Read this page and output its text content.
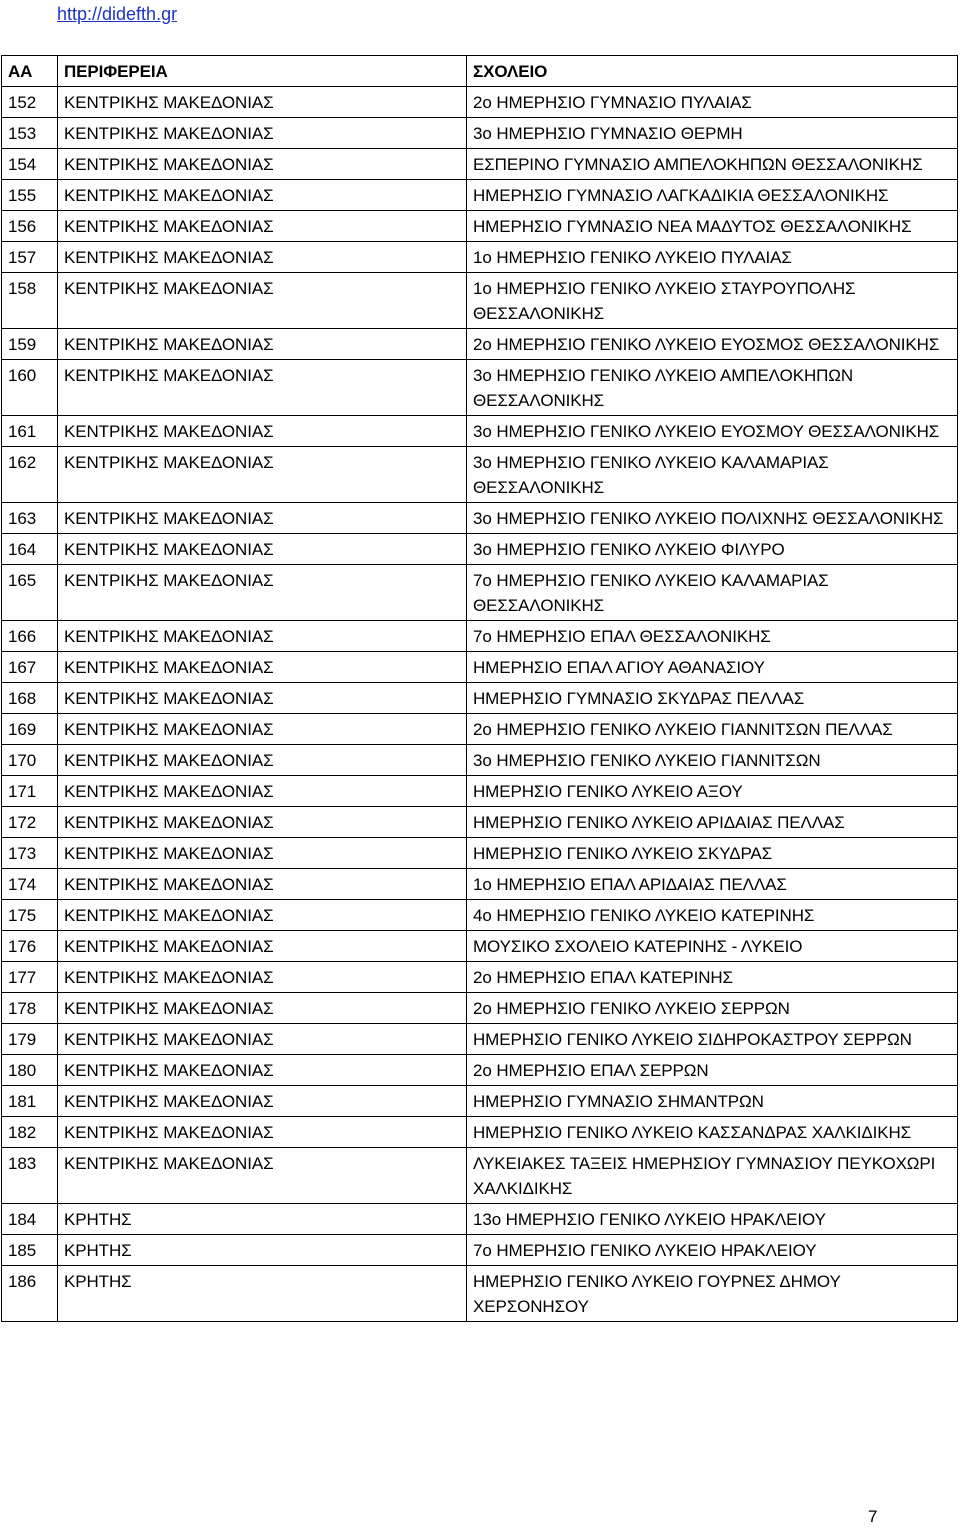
http://didefth.gr
ΑΑ	ΠΕΡΙΦΕΡΕΙΑ	ΣΧΟΛΕΙΟ
152	ΚΕΝΤΡΙΚΗΣ ΜΑΚΕΔΟΝΙΑΣ	2ο ΗΜΕΡΗΣΙΟ ΓΥΜΝΑΣΙΟ ΠΥΛΑΙΑΣ
153	ΚΕΝΤΡΙΚΗΣ ΜΑΚΕΔΟΝΙΑΣ	3ο ΗΜΕΡΗΣΙΟ ΓΥΜΝΑΣΙΟ ΘΕΡΜΗ
154	ΚΕΝΤΡΙΚΗΣ ΜΑΚΕΔΟΝΙΑΣ	ΕΣΠΕΡΙΝΟ ΓΥΜΝΑΣΙΟ ΑΜΠΕΛΟΚΗΠΩΝ ΘΕΣΣΑΛΟΝΙΚΗΣ
155	ΚΕΝΤΡΙΚΗΣ ΜΑΚΕΔΟΝΙΑΣ	ΗΜΕΡΗΣΙΟ ΓΥΜΝΑΣΙΟ ΛΑΓΚΑΔΙΚΙΑ ΘΕΣΣΑΛΟΝΙΚΗΣ
156	ΚΕΝΤΡΙΚΗΣ ΜΑΚΕΔΟΝΙΑΣ	ΗΜΕΡΗΣΙΟ ΓΥΜΝΑΣΙΟ ΝΕΑ ΜΑΔΥΤΟΣ ΘΕΣΣΑΛΟΝΙΚΗΣ
157	ΚΕΝΤΡΙΚΗΣ ΜΑΚΕΔΟΝΙΑΣ	1ο ΗΜΕΡΗΣΙΟ ΓΕΝΙΚΟ ΛΥΚΕΙΟ ΠΥΛΑΙΑΣ
158	ΚΕΝΤΡΙΚΗΣ ΜΑΚΕΔΟΝΙΑΣ	1ο ΗΜΕΡΗΣΙΟ ΓΕΝΙΚΟ ΛΥΚΕΙΟ ΣΤΑΥΡΟΥΠΟΛΗΣ ΘΕΣΣΑΛΟΝΙΚΗΣ
159	ΚΕΝΤΡΙΚΗΣ ΜΑΚΕΔΟΝΙΑΣ	2ο ΗΜΕΡΗΣΙΟ ΓΕΝΙΚΟ ΛΥΚΕΙΟ ΕΥΟΣΜΟΣ ΘΕΣΣΑΛΟΝΙΚΗΣ
160	ΚΕΝΤΡΙΚΗΣ ΜΑΚΕΔΟΝΙΑΣ	3ο ΗΜΕΡΗΣΙΟ ΓΕΝΙΚΟ ΛΥΚΕΙΟ ΑΜΠΕΛΟΚΗΠΩΝ ΘΕΣΣΑΛΟΝΙΚΗΣ
161	ΚΕΝΤΡΙΚΗΣ ΜΑΚΕΔΟΝΙΑΣ	3ο ΗΜΕΡΗΣΙΟ ΓΕΝΙΚΟ ΛΥΚΕΙΟ ΕΥΟΣΜΟΥ ΘΕΣΣΑΛΟΝΙΚΗΣ
162	ΚΕΝΤΡΙΚΗΣ ΜΑΚΕΔΟΝΙΑΣ	3ο ΗΜΕΡΗΣΙΟ ΓΕΝΙΚΟ ΛΥΚΕΙΟ ΚΑΛΑΜΑΡΙΑΣ ΘΕΣΣΑΛΟΝΙΚΗΣ
163	ΚΕΝΤΡΙΚΗΣ ΜΑΚΕΔΟΝΙΑΣ	3ο ΗΜΕΡΗΣΙΟ ΓΕΝΙΚΟ ΛΥΚΕΙΟ ΠΟΛΙΧΝΗΣ ΘΕΣΣΑΛΟΝΙΚΗΣ
164	ΚΕΝΤΡΙΚΗΣ ΜΑΚΕΔΟΝΙΑΣ	3ο ΗΜΕΡΗΣΙΟ ΓΕΝΙΚΟ ΛΥΚΕΙΟ ΦΙΛΥΡΟ
165	ΚΕΝΤΡΙΚΗΣ ΜΑΚΕΔΟΝΙΑΣ	7ο ΗΜΕΡΗΣΙΟ ΓΕΝΙΚΟ ΛΥΚΕΙΟ ΚΑΛΑΜΑΡΙΑΣ ΘΕΣΣΑΛΟΝΙΚΗΣ
166	ΚΕΝΤΡΙΚΗΣ ΜΑΚΕΔΟΝΙΑΣ	7ο ΗΜΕΡΗΣΙΟ ΕΠΑΛ ΘΕΣΣΑΛΟΝΙΚΗΣ
167	ΚΕΝΤΡΙΚΗΣ ΜΑΚΕΔΟΝΙΑΣ	ΗΜΕΡΗΣΙΟ ΕΠΑΛ ΑΓΙΟΥ ΑΘΑΝΑΣΙΟΥ
168	ΚΕΝΤΡΙΚΗΣ ΜΑΚΕΔΟΝΙΑΣ	ΗΜΕΡΗΣΙΟ ΓΥΜΝΑΣΙΟ ΣΚΥΔΡΑΣ ΠΕΛΛΑΣ
169	ΚΕΝΤΡΙΚΗΣ ΜΑΚΕΔΟΝΙΑΣ	2ο ΗΜΕΡΗΣΙΟ ΓΕΝΙΚΟ ΛΥΚΕΙΟ ΓΙΑΝΝΙΤΣΩΝ ΠΕΛΛΑΣ
170	ΚΕΝΤΡΙΚΗΣ ΜΑΚΕΔΟΝΙΑΣ	3ο ΗΜΕΡΗΣΙΟ ΓΕΝΙΚΟ ΛΥΚΕΙΟ ΓΙΑΝΝΙΤΣΩΝ
171	ΚΕΝΤΡΙΚΗΣ ΜΑΚΕΔΟΝΙΑΣ	ΗΜΕΡΗΣΙΟ ΓΕΝΙΚΟ ΛΥΚΕΙΟ ΑΞΟΥ
172	ΚΕΝΤΡΙΚΗΣ ΜΑΚΕΔΟΝΙΑΣ	ΗΜΕΡΗΣΙΟ ΓΕΝΙΚΟ ΛΥΚΕΙΟ ΑΡΙΔΑΙΑΣ ΠΕΛΛΑΣ
173	ΚΕΝΤΡΙΚΗΣ ΜΑΚΕΔΟΝΙΑΣ	ΗΜΕΡΗΣΙΟ ΓΕΝΙΚΟ ΛΥΚΕΙΟ ΣΚΥΔΡΑΣ
174	ΚΕΝΤΡΙΚΗΣ ΜΑΚΕΔΟΝΙΑΣ	1ο ΗΜΕΡΗΣΙΟ ΕΠΑΛ ΑΡΙΔΑΙΑΣ ΠΕΛΛΑΣ
175	ΚΕΝΤΡΙΚΗΣ ΜΑΚΕΔΟΝΙΑΣ	4ο ΗΜΕΡΗΣΙΟ ΓΕΝΙΚΟ ΛΥΚΕΙΟ ΚΑΤΕΡΙΝΗΣ
176	ΚΕΝΤΡΙΚΗΣ ΜΑΚΕΔΟΝΙΑΣ	ΜΟΥΣΙΚΟ ΣΧΟΛΕΙΟ ΚΑΤΕΡΙΝΗΣ - ΛΥΚΕΙΟ
177	ΚΕΝΤΡΙΚΗΣ ΜΑΚΕΔΟΝΙΑΣ	2ο ΗΜΕΡΗΣΙΟ ΕΠΑΛ ΚΑΤΕΡΙΝΗΣ
178	ΚΕΝΤΡΙΚΗΣ ΜΑΚΕΔΟΝΙΑΣ	2ο ΗΜΕΡΗΣΙΟ ΓΕΝΙΚΟ ΛΥΚΕΙΟ ΣΕΡΡΩΝ
179	ΚΕΝΤΡΙΚΗΣ ΜΑΚΕΔΟΝΙΑΣ	ΗΜΕΡΗΣΙΟ ΓΕΝΙΚΟ ΛΥΚΕΙΟ ΣΙΔΗΡΟΚΑΣΤΡΟΥ ΣΕΡΡΩΝ
180	ΚΕΝΤΡΙΚΗΣ ΜΑΚΕΔΟΝΙΑΣ	2ο ΗΜΕΡΗΣΙΟ ΕΠΑΛ ΣΕΡΡΩΝ
181	ΚΕΝΤΡΙΚΗΣ ΜΑΚΕΔΟΝΙΑΣ	ΗΜΕΡΗΣΙΟ ΓΥΜΝΑΣΙΟ ΣΗΜΑΝΤΡΩΝ
182	ΚΕΝΤΡΙΚΗΣ ΜΑΚΕΔΟΝΙΑΣ	ΗΜΕΡΗΣΙΟ ΓΕΝΙΚΟ ΛΥΚΕΙΟ ΚΑΣΣΑΝΔΡΑΣ ΧΑΛΚΙΔΙΚΗΣ
183	ΚΕΝΤΡΙΚΗΣ ΜΑΚΕΔΟΝΙΑΣ	ΛΥΚΕΙΑΚΕΣ ΤΑΞΕΙΣ ΗΜΕΡΗΣΙΟΥ ΓΥΜΝΑΣΙΟΥ ΠΕΥΚΟΧΩΡΙ ΧΑΛΚΙΔΙΚΗΣ
184	ΚΡΗΤΗΣ	13ο ΗΜΕΡΗΣΙΟ ΓΕΝΙΚΟ ΛΥΚΕΙΟ ΗΡΑΚΛΕΙΟΥ
185	ΚΡΗΤΗΣ	7ο ΗΜΕΡΗΣΙΟ ΓΕΝΙΚΟ ΛΥΚΕΙΟ ΗΡΑΚΛΕΙΟΥ
186	ΚΡΗΤΗΣ	ΗΜΕΡΗΣΙΟ ΓΕΝΙΚΟ ΛΥΚΕΙΟ ΓΟΥΡΝΕΣ ΔΗΜΟΥ ΧΕΡΣΟΝΗΣΟΥ
7
